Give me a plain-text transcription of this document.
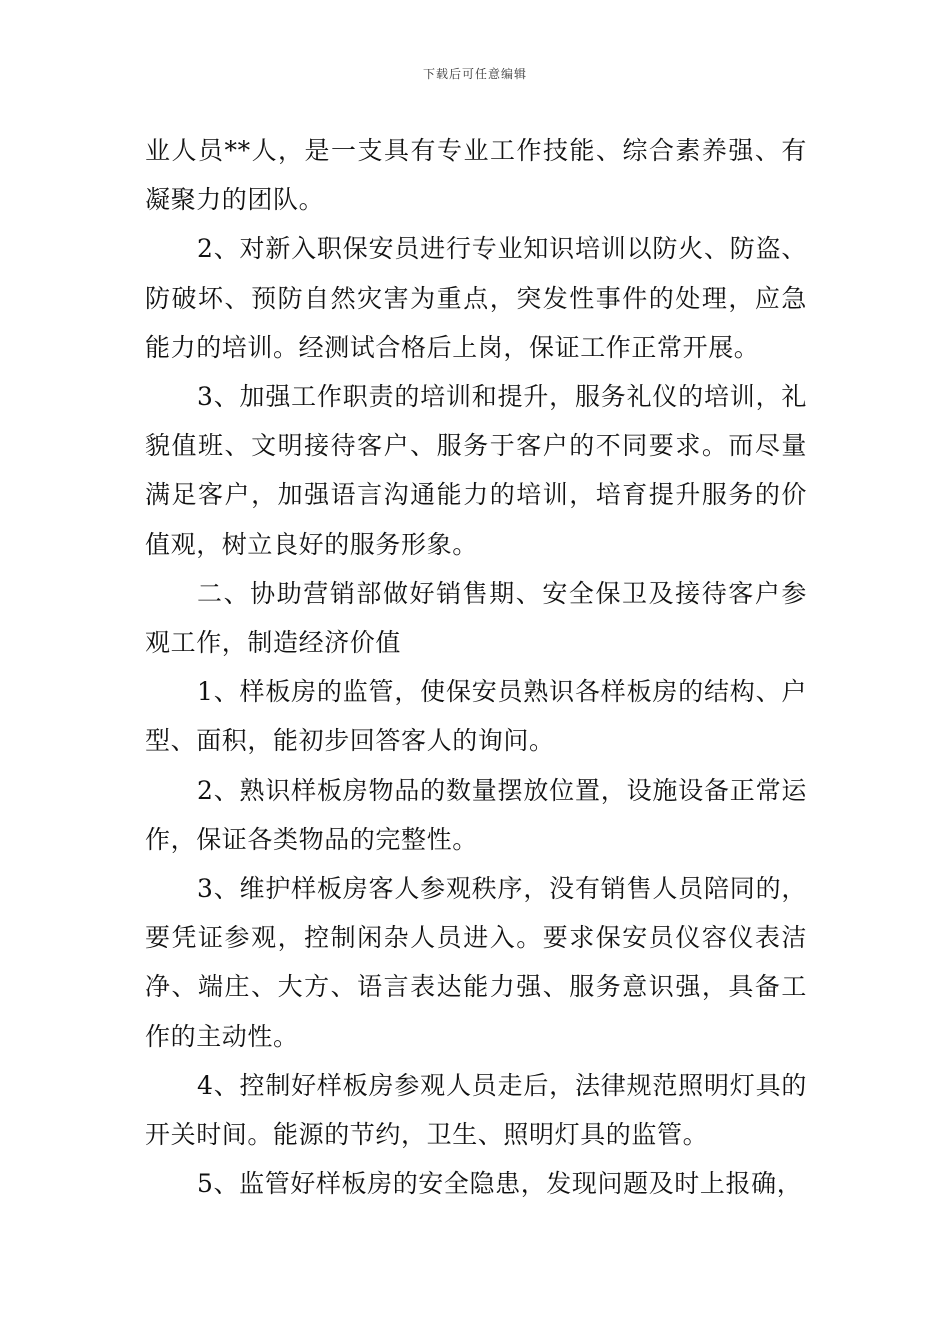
下载后可任意编辑

业人员**人，是一支具有专业工作技能、综合素养强、有凝聚力的团队。

2、对新入职保安员进行专业知识培训以防火、防盗、防破坏、预防自然灾害为重点，突发性事件的处理，应急能力的培训。经测试合格后上岗，保证工作正常开展。

3、加强工作职责的培训和提升，服务礼仪的培训，礼貌值班、文明接待客户、服务于客户的不同要求。而尽量满足客户，加强语言沟通能力的培训，培育提升服务的价值观，树立良好的服务形象。

二、协助营销部做好销售期、安全保卫及接待客户参观工作，制造经济价值

1、样板房的监管，使保安员熟识各样板房的结构、户型、面积，能初步回答客人的询问。

2、熟识样板房物品的数量摆放位置，设施设备正常运作，保证各类物品的完整性。

3、维护样板房客人参观秩序，没有销售人员陪同的，要凭证参观，控制闲杂人员进入。要求保安员仪容仪表洁净、端庄、大方、语言表达能力强、服务意识强，具备工作的主动性。

4、控制好样板房参观人员走后，法律规范照明灯具的开关时间。能源的节约，卫生、照明灯具的监管。

5、监管好样板房的安全隐患，发现问题及时上报确，
